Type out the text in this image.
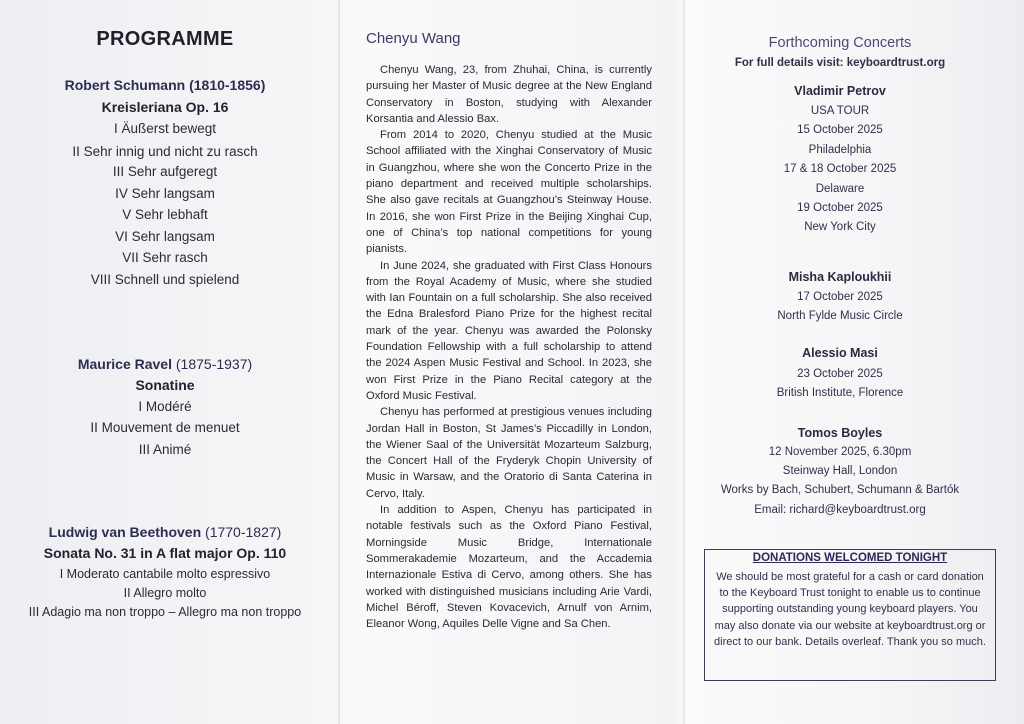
PROGRAMME
Robert Schumann (1810-1856)
Kreisleriana Op. 16
I Äußerst bewegt
II Sehr innig und nicht zu rasch
III Sehr aufgeregt
IV Sehr langsam
V Sehr lebhaft
VI Sehr langsam
VII Sehr rasch
VIII Schnell und spielend
Maurice Ravel (1875-1937)
Sonatine
I Modéré
II Mouvement de menuet
III Animé
Ludwig van Beethoven (1770-1827)
Sonata No. 31 in A flat major Op. 110
I Moderato cantabile molto espressivo
II Allegro molto
III Adagio ma non troppo – Allegro ma non troppo
Chenyu Wang

Chenyu Wang, 23, from Zhuhai, China, is currently pursuing her Master of Music degree at the New England Conservatory in Boston, studying with Alexander Korsantia and Alessio Bax.

From 2014 to 2020, Chenyu studied at the Music School affiliated with the Xinghai Conservatory of Music in Guangzhou, where she won the Concerto Prize in the piano department and received multiple scholarships. She also gave recitals at Guangzhou’s Steinway House. In 2016, she won First Prize in the Beijing Xinghai Cup, one of China’s top national competitions for young pianists.

In June 2024, she graduated with First Class Honours from the Royal Academy of Music, where she studied with Ian Fountain on a full scholarship. She also received the Edna Bralesford Piano Prize for the highest recital mark of the year. Chenyu was awarded the Polonsky Foundation Fellowship with a full scholarship to attend the 2024 Aspen Music Festival and School. In 2023, she won First Prize in the Piano Recital category at the Oxford Music Festival.

Chenyu has performed at prestigious venues including Jordan Hall in Boston, St James’s Piccadilly in London, the Wiener Saal of the Universität Mozarteum Salzburg, the Concert Hall of the Fryderyk Chopin University of Music in Warsaw, and the Oratorio di Santa Caterina in Cervo, Italy.

In addition to Aspen, Chenyu has participated in notable festivals such as the Oxford Piano Festival, Morningside Music Bridge, Internationale Sommerakademie Mozarteum, and the Accademia Internazionale Estiva di Cervo, among others. She has worked with distinguished musicians including Arie Vardi, Michel Béroff, Steven Kovacevich, Arnulf von Arnim, Eleanor Wong, Aquiles Delle Vigne and Sa Chen.

Forthcoming Concerts
For full details visit: keyboardtrust.org
Vladimir Petrov
USA TOUR
15 October 2025
Philadelphia
17 & 18 October 2025
Delaware
19 October 2025
New York City
Misha Kaploukhii
17 October 2025
North Fylde Music Circle
Alessio Masi
23 October 2025
British Institute, Florence
Tomos Boyles
12 November 2025, 6.30pm
Steinway Hall, London
Works by Bach, Schubert, Schumann & Bartók
Email: richard@keyboardtrust.org
DONATIONS WELCOMED TONIGHT
We should be most grateful for a cash or card donation to the Keyboard Trust tonight to enable us to continue supporting outstanding young keyboard players. You may also donate via our website at keyboardtrust.org or direct to our bank. Details overleaf. Thank you so much.
